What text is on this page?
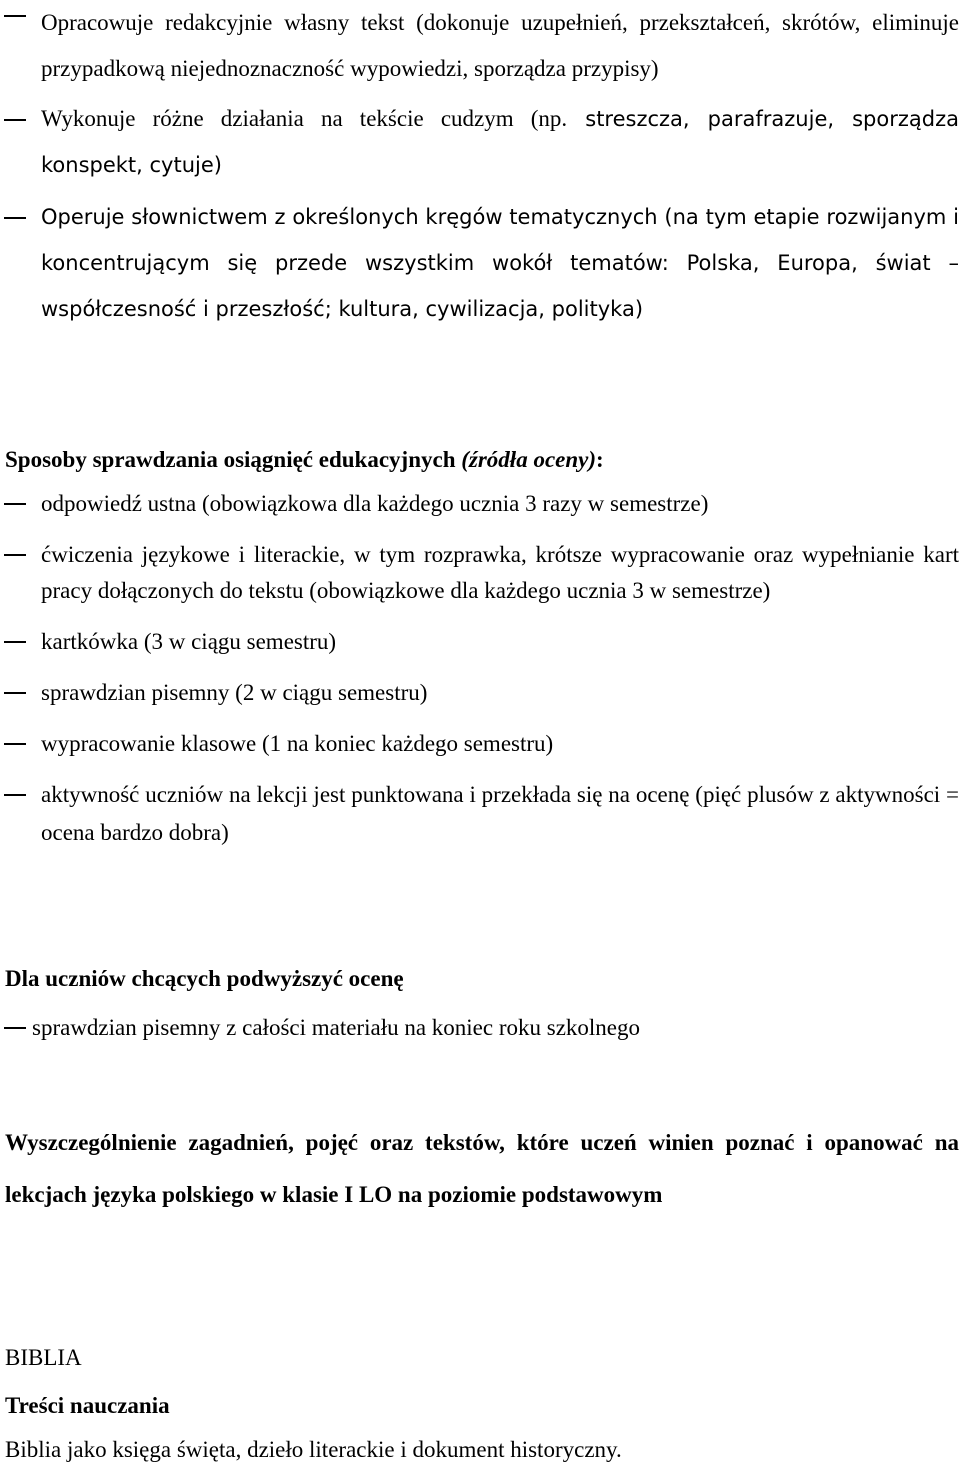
Opracowuje redakcyjnie własny tekst (dokonuje uzupełnień, przekształceń, skrótów, eliminuje przypadkową niejednoznaczność wypowiedzi, sporządza przypisy)
Wykonuje różne działania na tekście cudzym (np. streszcza, parafrazuje, sporządza konspekt, cytuje)
Operuje słownictwem z określonych kręgów tematycznych (na tym etapie rozwijanym i koncentrującym się przede wszystkim wokół tematów: Polska, Europa, świat – współczesność i przeszłość; kultura, cywilizacja, polityka)

Sposoby sprawdzania osiągnięć edukacyjnych (źródła oceny):

odpowiedź ustna (obowiązkowa dla każdego ucznia 3 razy w semestrze)
ćwiczenia językowe i literackie, w tym rozprawka, krótsze wypracowanie oraz wypełnianie kart pracy dołączonych do tekstu (obowiązkowe dla każdego ucznia 3 w semestrze)
kartkówka (3 w ciągu semestru)
sprawdzian pisemny (2 w ciągu semestru)
wypracowanie klasowe (1 na koniec każdego semestru)
aktywność uczniów na lekcji jest punktowana i przekłada się na ocenę (pięć plusów z aktywności = ocena bardzo dobra)

Dla uczniów chcących podwyższyć ocenę

sprawdzian pisemny z całości materiału na koniec roku szkolnego

Wyszczególnienie zagadnień, pojęć oraz tekstów, które uczeń winien poznać i opanować na lekcjach języka polskiego w klasie I LO na poziomie podstawowym

BIBLIA

Treści nauczania

Biblia jako księga święta, dzieło literackie i dokument historyczny.
